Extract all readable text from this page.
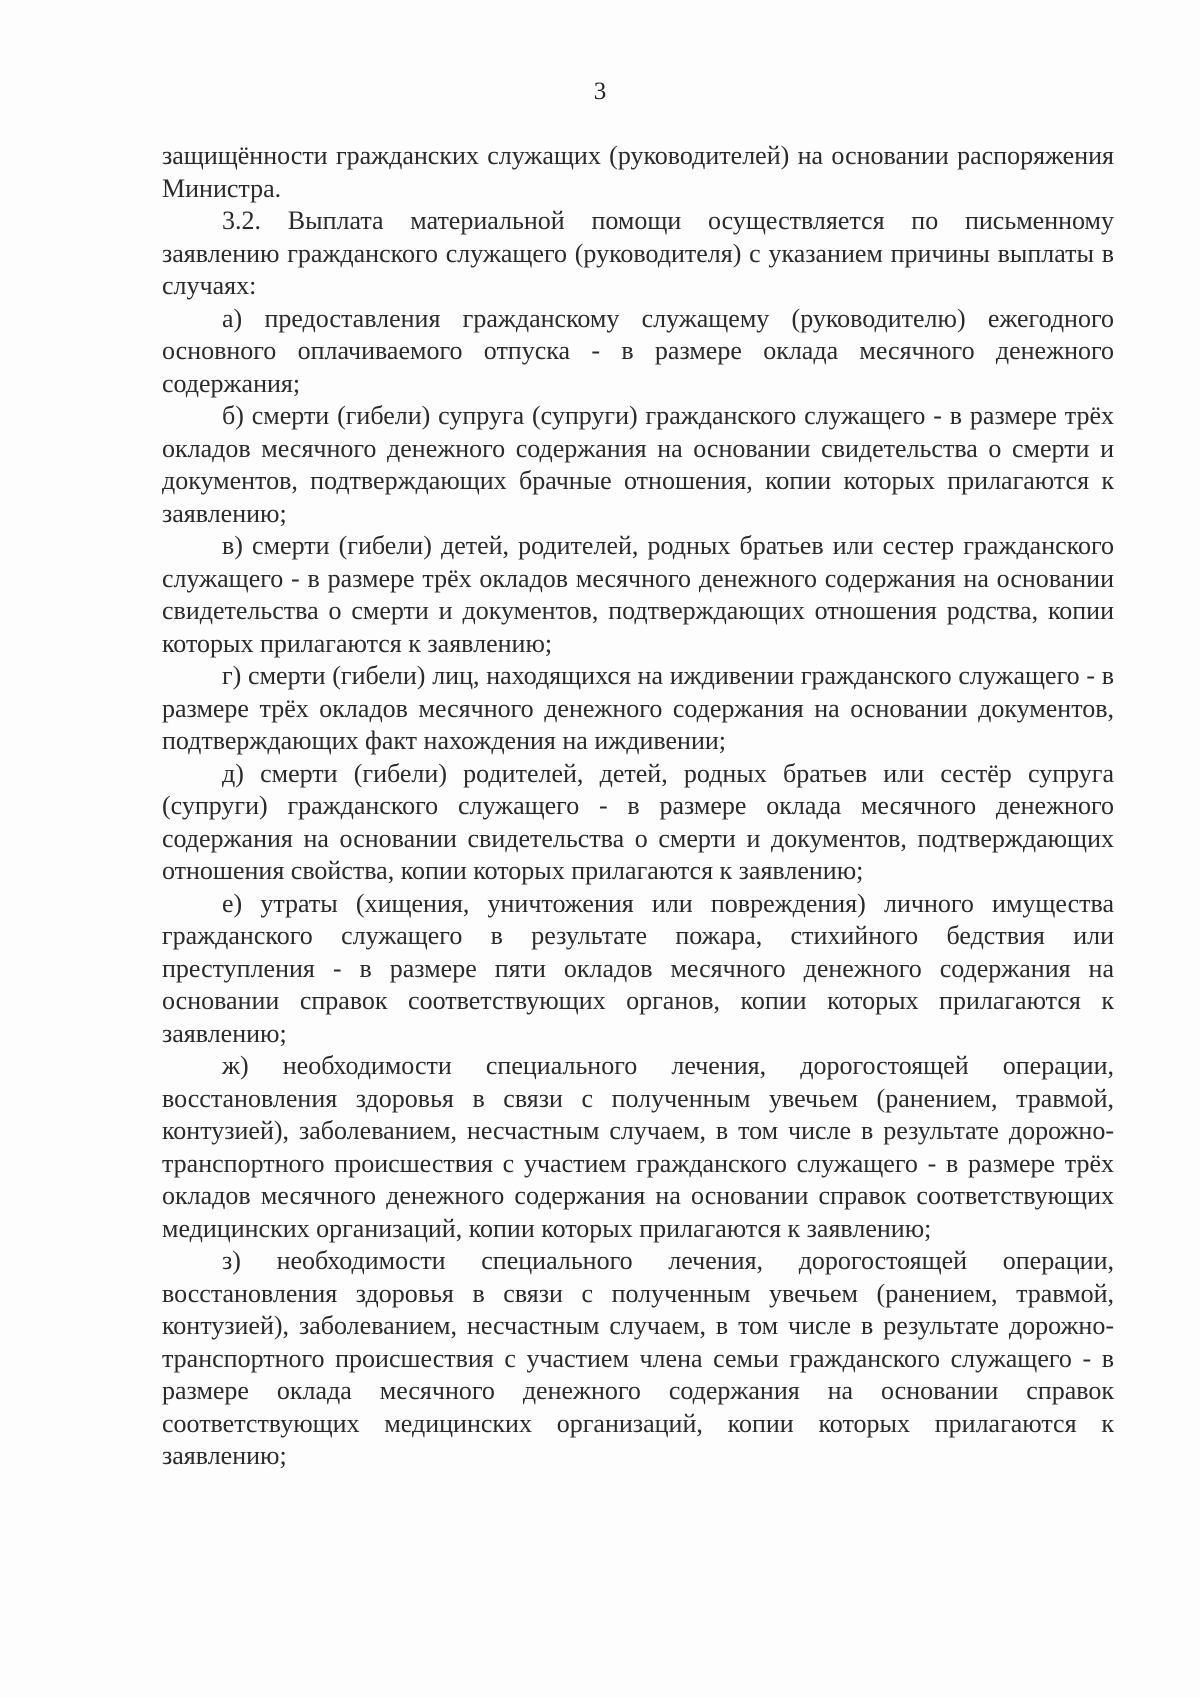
3

защищённости гражданских служащих (руководителей) на основании распоряжения Министра.

3.2. Выплата материальной помощи осуществляется по письменному заявлению гражданского служащего (руководителя) с указанием причины выплаты в случаях:

а) предоставления гражданскому служащему (руководителю) ежегодного основного оплачиваемого отпуска - в размере оклада месячного денежного содержания;

б) смерти (гибели) супруга (супруги) гражданского служащего - в размере трёх окладов месячного денежного содержания на основании свидетельства о смерти и документов, подтверждающих брачные отношения, копии которых прилагаются к заявлению;

в) смерти (гибели) детей, родителей, родных братьев или сестер гражданского служащего - в размере трёх окладов месячного денежного содержания на основании свидетельства о смерти и документов, подтверждающих отношения родства, копии которых прилагаются к заявлению;

г) смерти (гибели) лиц, находящихся на иждивении гражданского служащего - в размере трёх окладов месячного денежного содержания на основании документов, подтверждающих факт нахождения на иждивении;

д) смерти (гибели) родителей, детей, родных братьев или сестёр супруга (супруги) гражданского служащего - в размере оклада месячного денежного содержания на основании свидетельства о смерти и документов, подтверждающих отношения свойства, копии которых прилагаются к заявлению;

е) утраты (хищения, уничтожения или повреждения) личного имущества гражданского служащего в результате пожара, стихийного бедствия или преступления - в размере пяти окладов месячного денежного содержания на основании справок соответствующих органов, копии которых прилагаются к заявлению;

ж) необходимости специального лечения, дорогостоящей операции, восстановления здоровья в связи с полученным увечьем (ранением, травмой, контузией), заболеванием, несчастным случаем, в том числе в результате дорожно-транспортного происшествия с участием гражданского служащего - в размере трёх окладов месячного денежного содержания на основании справок соответствующих медицинских организаций, копии которых прилагаются к заявлению;

з) необходимости специального лечения, дорогостоящей операции, восстановления здоровья в связи с полученным увечьем (ранением, травмой, контузией), заболеванием, несчастным случаем, в том числе в результате дорожно-транспортного происшествия с участием члена семьи гражданского служащего - в размере оклада месячного денежного содержания на основании справок соответствующих медицинских организаций, копии которых прилагаются к заявлению;
